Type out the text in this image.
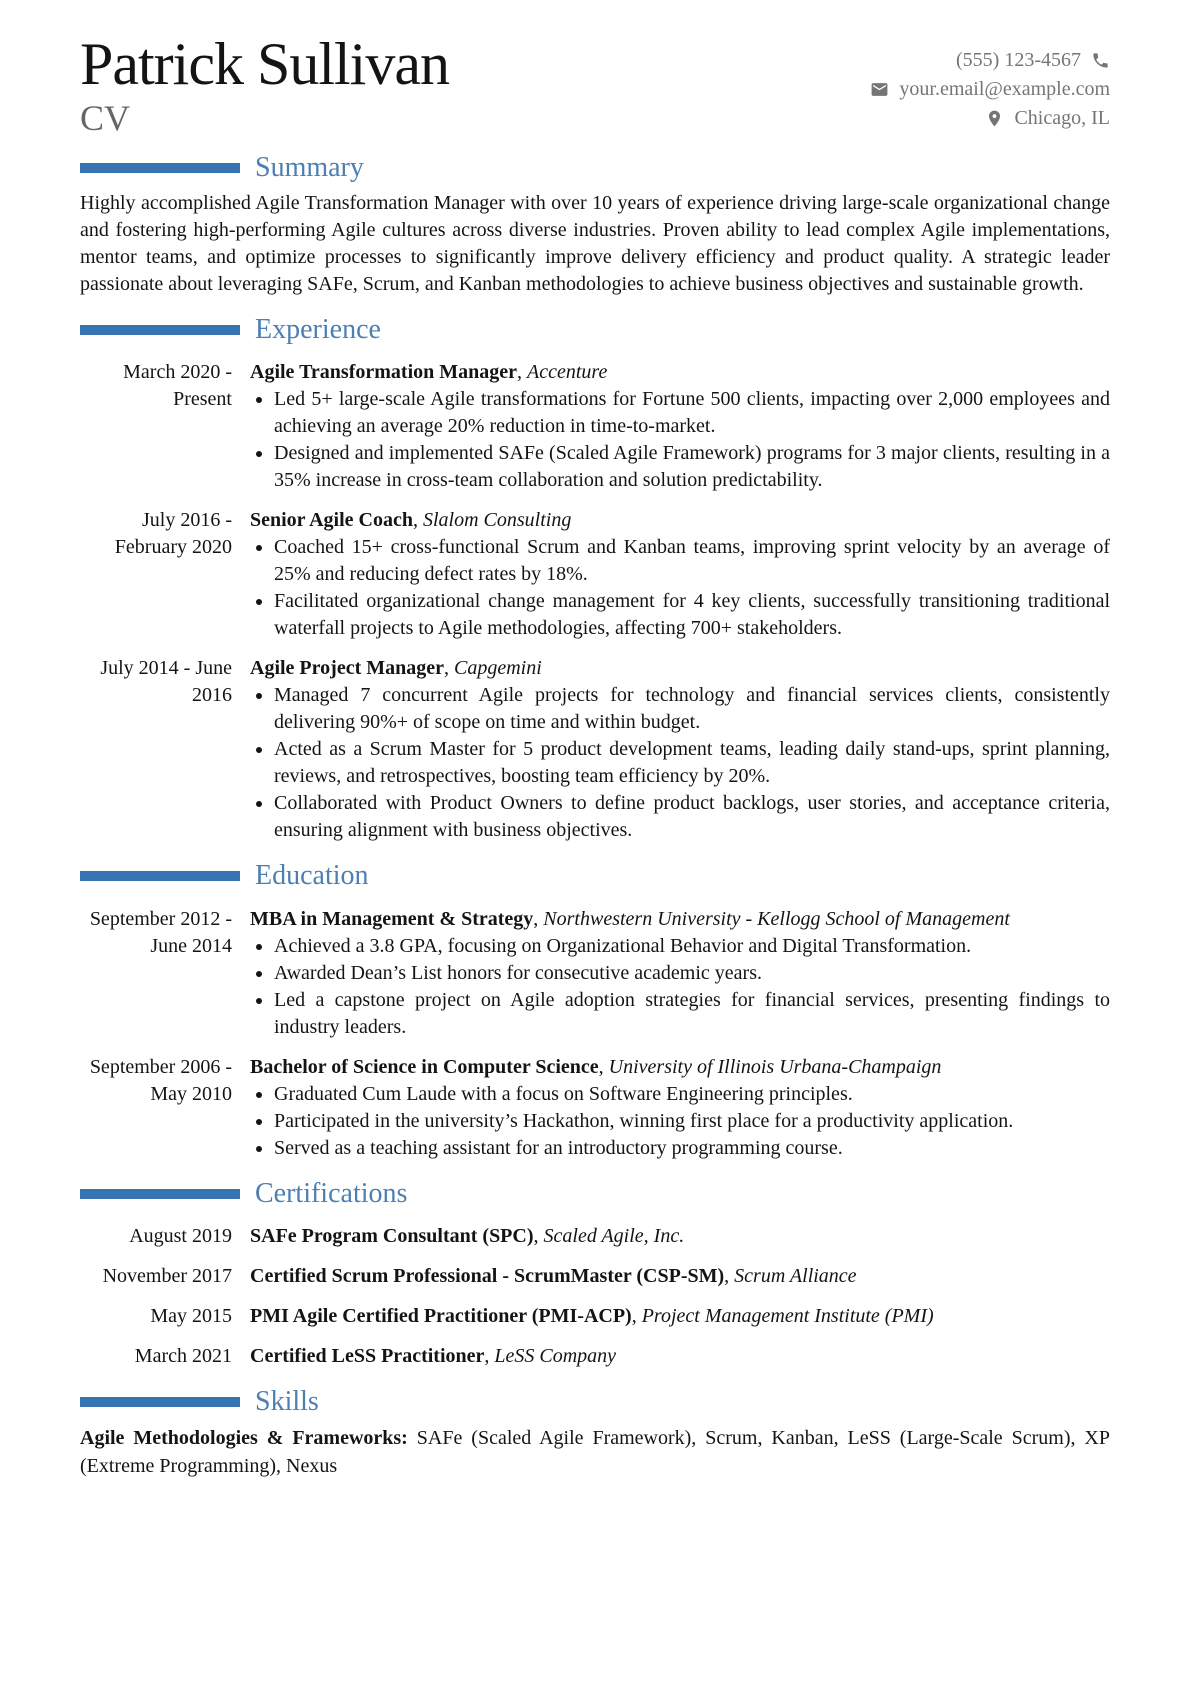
Patrick Sullivan
CV
(555) 123-4567
your.email@example.com
Chicago, IL
Summary

Highly accomplished Agile Transformation Manager with over 10 years of experience driving large-scale organizational change and fostering high-performing Agile cultures across diverse industries. Proven ability to lead complex Agile implementations, mentor teams, and optimize processes to significantly improve delivery efficiency and product quality. A strategic leader passionate about leveraging SAFe, Scrum, and Kanban methodologies to achieve business objectives and sustainable growth.

Experience
March 2020 - Present
Agile Transformation Manager, Accenture
• Led 5+ large-scale Agile transformations for Fortune 500 clients, impacting over 2,000 employees and achieving an average 20% reduction in time-to-market.
• Designed and implemented SAFe (Scaled Agile Framework) programs for 3 major clients, resulting in a 35% increase in cross-team collaboration and solution predictability.
July 2016 - February 2020
Senior Agile Coach, Slalom Consulting
• Coached 15+ cross-functional Scrum and Kanban teams, improving sprint velocity by an average of 25% and reducing defect rates by 18%.
• Facilitated organizational change management for 4 key clients, successfully transitioning traditional waterfall projects to Agile methodologies, affecting 700+ stakeholders.
July 2014 - June 2016
Agile Project Manager, Capgemini
• Managed 7 concurrent Agile projects for technology and financial services clients, consistently delivering 90%+ of scope on time and within budget.
• Acted as a Scrum Master for 5 product development teams, leading daily stand-ups, sprint planning, reviews, and retrospectives, boosting team efficiency by 20%.
• Collaborated with Product Owners to define product backlogs, user stories, and acceptance criteria, ensuring alignment with business objectives.
Education
September 2012 - June 2014
MBA in Management & Strategy, Northwestern University - Kellogg School of Management
• Achieved a 3.8 GPA, focusing on Organizational Behavior and Digital Transformation.
• Awarded Dean’s List honors for consecutive academic years.
• Led a capstone project on Agile adoption strategies for financial services, presenting findings to industry leaders.
September 2006 - May 2010
Bachelor of Science in Computer Science, University of Illinois Urbana-Champaign
• Graduated Cum Laude with a focus on Software Engineering principles.
• Participated in the university’s Hackathon, winning first place for a productivity application.
• Served as a teaching assistant for an introductory programming course.
Certifications
August 2019 SAFe Program Consultant (SPC), Scaled Agile, Inc.
November 2017 Certified Scrum Professional - ScrumMaster (CSP-SM), Scrum Alliance
May 2015 PMI Agile Certified Practitioner (PMI-ACP), Project Management Institute (PMI)
March 2021 Certified LeSS Practitioner, LeSS Company
Skills

Agile Methodologies & Frameworks: SAFe (Scaled Agile Framework), Scrum, Kanban, LeSS (Large-Scale Scrum), XP (Extreme Programming), Nexus
